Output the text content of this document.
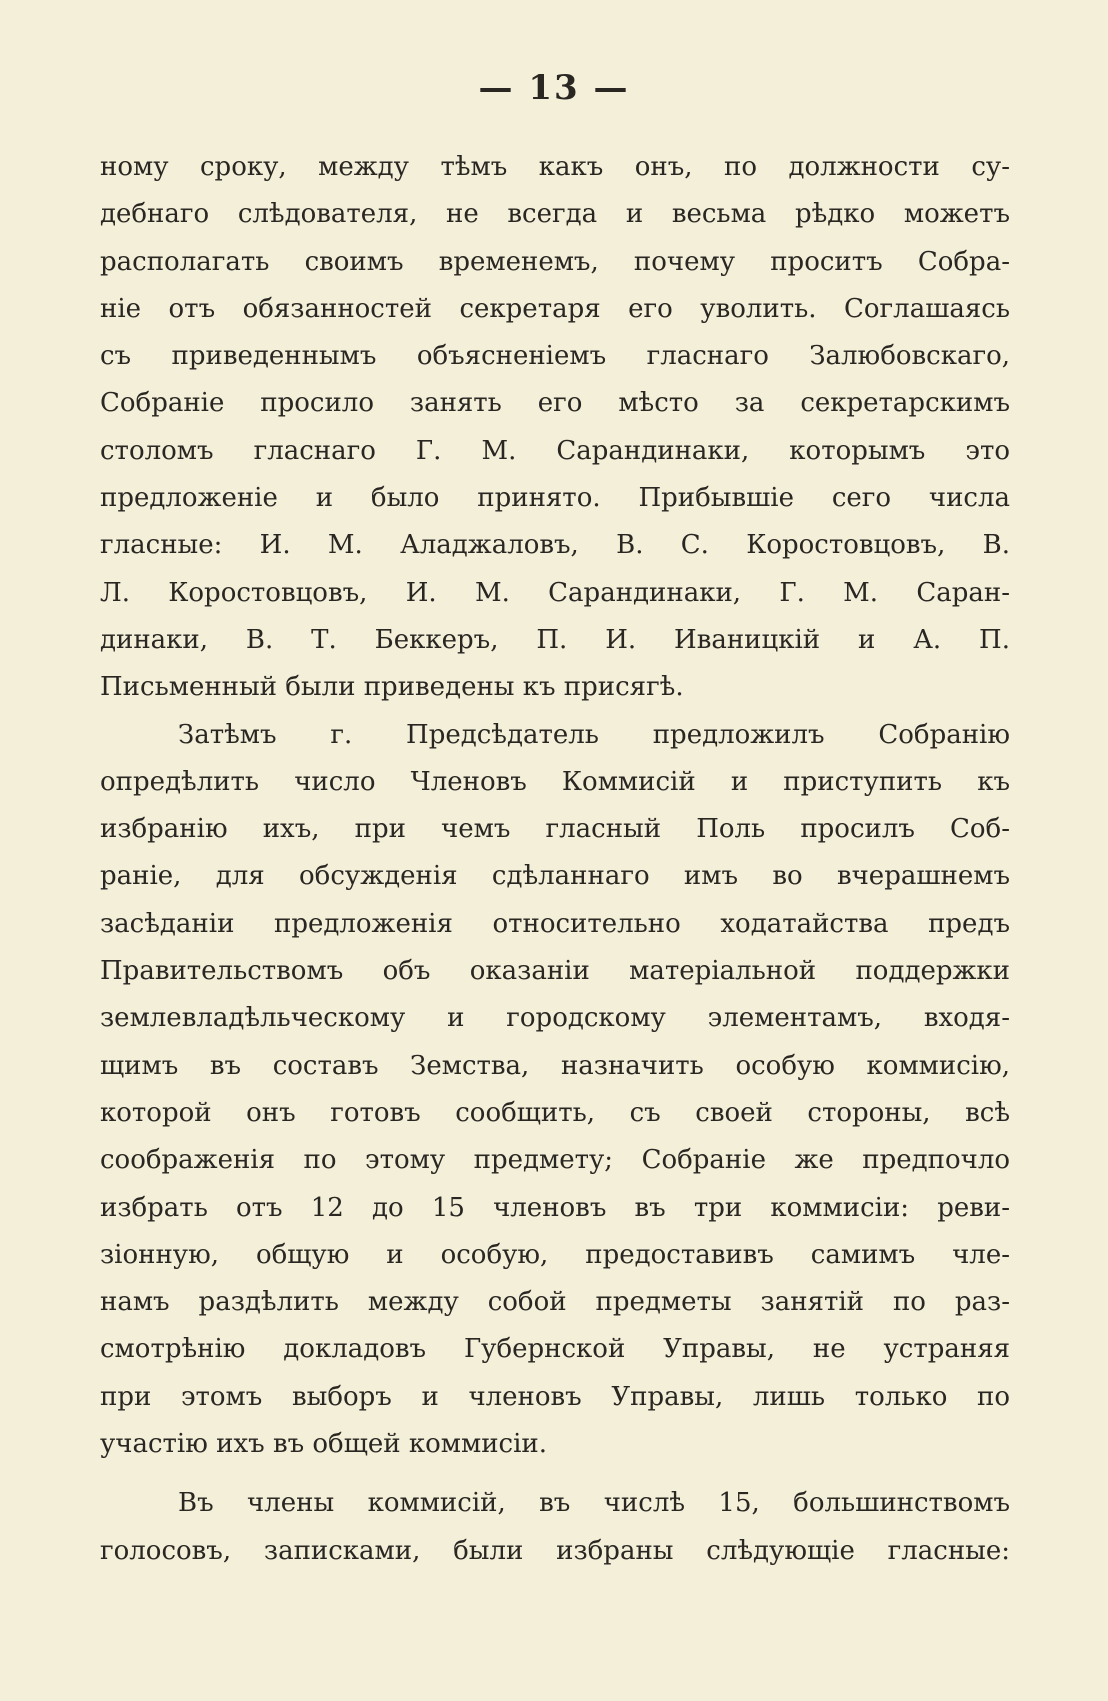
— 13 —
ному сроку, между тѣмъ какъ онъ, по должности су-
дебнаго слѣдователя, не всегда и весьма рѣдко можетъ
располагать своимъ временемъ, почему проситъ Собра-
ніе отъ обязанностей секретаря его уволить. Соглашаясь
съ приведеннымъ объясненіемъ гласнаго Залюбовскаго,
Собраніе просило занять его мѣсто за секретарскимъ
столомъ гласнаго Г. М. Сарандинаки, которымъ это
предложеніе и было принято. Прибывшіе сего числа
гласные: И. М. Аладжаловъ, В. С. Коростовцовъ, В.
Л. Коростовцовъ, И. М. Сарандинаки, Г. М. Саран-
динаки, В. Т. Беккеръ, П. И. Иваницкій и А. П.
Письменный были приведены къ присягѣ.
Затѣмъ г. Предсѣдатель предложилъ Собранію
опредѣлить число Членовъ Коммисій и приступить къ
избранію ихъ, при чемъ гласный Поль просилъ Соб-
раніе, для обсужденія сдѣланнаго имъ во вчерашнемъ
засѣданіи предложенія относительно ходатайства предъ
Правительствомъ объ оказаніи матеріальной поддержки
землевладѣльческому и городскому элементамъ, входя-
щимъ въ составъ Земства, назначить особую коммисію,
которой онъ готовъ сообщить, съ своей стороны, всѣ
соображенія по этому предмету; Собраніе же предпочло
избрать отъ 12 до 15 членовъ въ три коммисіи: реви-
зіонную, общую и особую, предоставивъ самимъ чле-
намъ раздѣлить между собой предметы занятій по раз-
смотрѣнію докладовъ Губернской Управы, не устраняя
при этомъ выборъ и членовъ Управы, лишь только по
участію ихъ въ общей коммисіи.
Въ члены коммисій, въ числѣ 15, большинствомъ
голосовъ, записками, были избраны слѣдующіе гласные:
